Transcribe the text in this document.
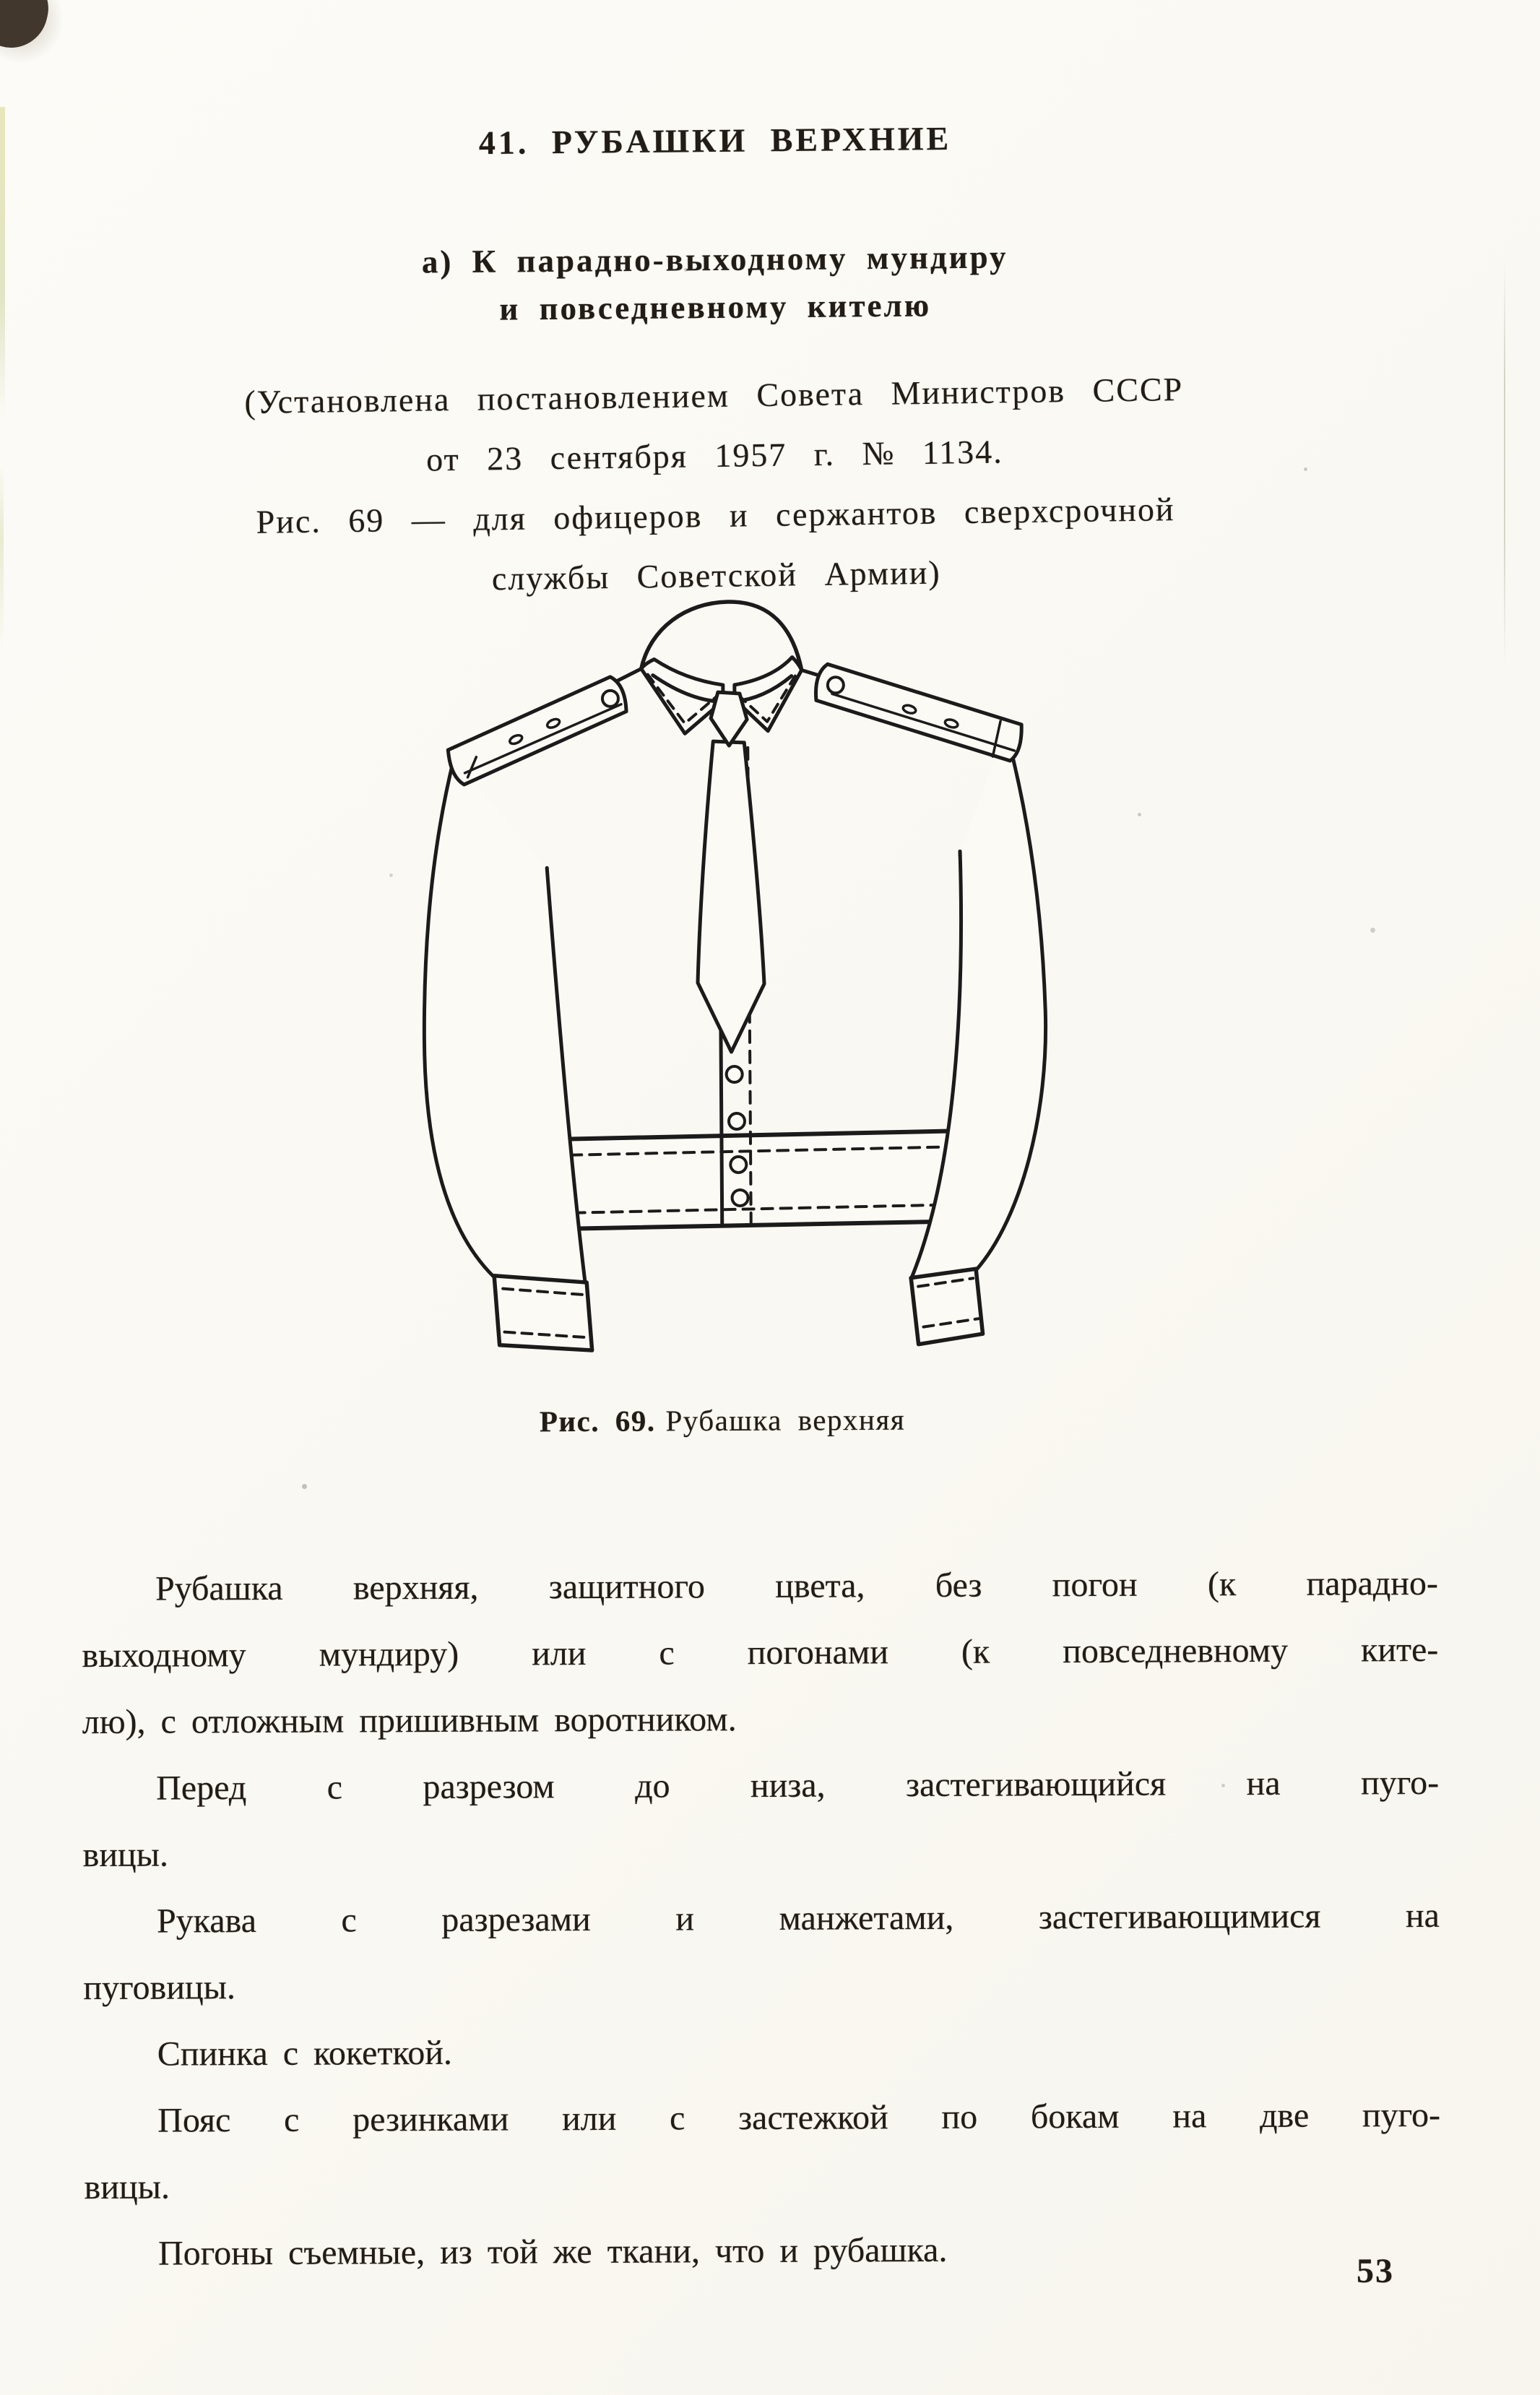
41. РУБАШКИ ВЕРХНИЕ
а) К парадно-выходному мундиру
и повседневному кителю
(Установлена постановлением Совета Министров СССР
от 23 сентября 1957 г. № 1134.
Рис. 69 — для офицеров и сержантов сверхсрочной
службы Советской Армии)
Рис. 69. Рубашка верхняя
Рубашка верхняя, защитного цвета, без погон (к парадно-
выходному мундиру) или с погонами (к повседневному ките-
лю), с отложным пришивным воротником.
Перед с разрезом до низа, застегивающийся на пуго-
вицы.
Рукава с разрезами и манжетами, застегивающимися на
пуговицы.
Спинка с кокеткой.
Пояс с резинками или с застежкой по бокам на две пуго-
вицы.
Погоны съемные, из той же ткани, что и рубашка.	53
